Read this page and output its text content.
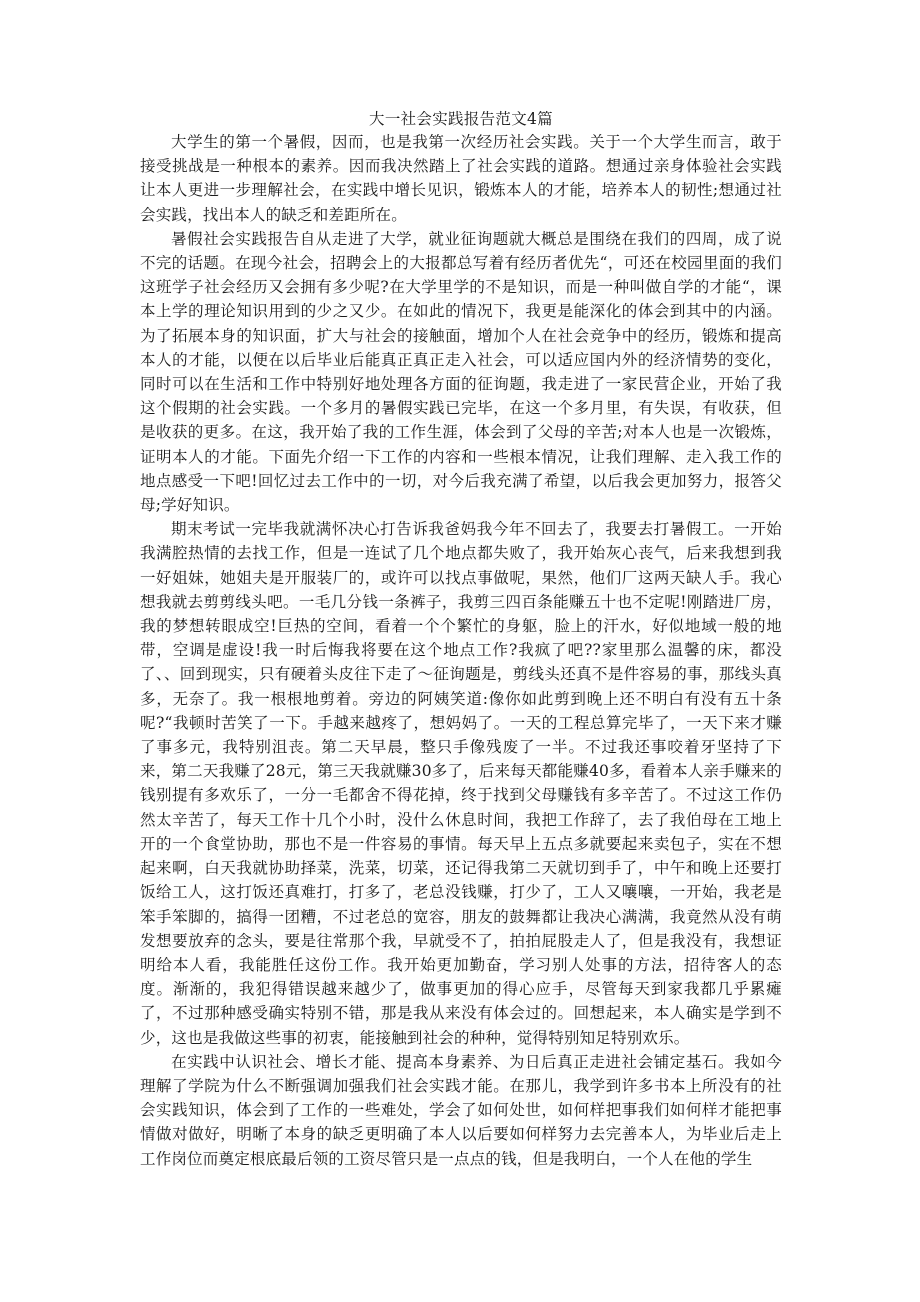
大一社会实践报告范文4篇

大学生的第一个暑假，因而，也是我第一次经历社会实践。关于一个大学生而言，敢于接受挑战是一种根本的素养。因而我决然踏上了社会实践的道路。想通过亲身体验社会实践让本人更进一步理解社会，在实践中增长见识，锻炼本人的才能，培养本人的韧性;想通过社会实践，找出本人的缺乏和差距所在。

暑假社会实践报告自从走进了大学，就业征询题就大概总是围绕在我们的四周，成了说不完的话题。在现今社会，招聘会上的大报都总写着有经历者优先“，可还在校园里面的我们这班学子社会经历又会拥有多少呢?在大学里学的不是知识，而是一种叫做自学的才能“，课本上学的理论知识用到的少之又少。在如此的情况下，我更是能深化的体会到其中的内涵。为了拓展本身的知识面，扩大与社会的接触面，增加个人在社会竞争中的经历，锻炼和提高本人的才能，以便在以后毕业后能真正真正走入社会，可以适应国内外的经济情势的变化，同时可以在生活和工作中特别好地处理各方面的征询题，我走进了一家民营企业，开始了我这个假期的社会实践。一个多月的暑假实践已完毕，在这一个多月里，有失误，有收获，但是收获的更多。在这，我开始了我的工作生涯，体会到了父母的辛苦;对本人也是一次锻炼，证明本人的才能。下面先介绍一下工作的内容和一些根本情况，让我们理解、走入我工作的地点感受一下吧!回忆过去工作中的一切，对今后我充满了希望，以后我会更加努力，报答父母;学好知识。

期末考试一完毕我就满怀决心打告诉我爸妈我今年不回去了，我要去打暑假工。一开始我满腔热情的去找工作，但是一连试了几个地点都失败了，我开始灰心丧气，后来我想到我一好姐妹，她姐夫是开服装厂的，或许可以找点事做呢，果然，他们厂这两天缺人手。我心想我就去剪剪线头吧。一毛几分钱一条裤子，我剪三四百条能赚五十也不定呢!刚踏进厂房，我的梦想转眼成空!巨热的空间，看着一个个繁忙的身躯，脸上的汗水，好似地域一般的地带，空调是虚设!我一时后悔我将要在这个地点工作?我疯了吧??家里那么温馨的床，都没了、、回到现实，只有硬着头皮往下走了～征询题是，剪线头还真不是件容易的事，那线头真多，无奈了。我一根根地剪着。旁边的阿姨笑道:像你如此剪到晚上还不明白有没有五十条呢?“我顿时苦笑了一下。手越来越疼了，想妈妈了。一天的工程总算完毕了，一天下来才赚了事多元，我特别沮丧。第二天早晨，整只手像残废了一半。不过我还事咬着牙坚持了下来，第二天我赚了28元，第三天我就赚30多了，后来每天都能赚40多，看着本人亲手赚来的钱别提有多欢乐了，一分一毛都舍不得花掉，终于找到父母赚钱有多辛苦了。不过这工作仍然太辛苦了，每天工作十几个小时，没什么休息时间，我把工作辞了，去了我伯母在工地上开的一个食堂协助，那也不是一件容易的事情。每天早上五点多就要起来卖包子，实在不想起来啊，白天我就协助择菜，洗菜，切菜，还记得我第二天就切到手了，中午和晚上还要打饭给工人，这打饭还真难打，打多了，老总没钱赚，打少了，工人又嚷嚷，一开始，我老是笨手笨脚的，搞得一团糟，不过老总的宽容，朋友的鼓舞都让我决心满满，我竟然从没有萌发想要放弃的念头，要是往常那个我，早就受不了，拍拍屁股走人了，但是我没有，我想证明给本人看，我能胜任这份工作。我开始更加勤奋，学习别人处事的方法，招待客人的态度。渐渐的，我犯得错误越来越少了，做事更加的得心应手，尽管每天到家我都几乎累瘫了，不过那种感受确实特别不错，那是我从来没有体会过的。回想起来，本人确实是学到不少，这也是我做这些事的初衷，能接触到社会的种种，觉得特别知足特别欢乐。

在实践中认识社会、增长才能、提高本身素养、为日后真正走进社会铺定基石。我如今理解了学院为什么不断强调加强我们社会实践才能。在那儿，我学到许多书本上所没有的社会实践知识，体会到了工作的一些难处，学会了如何处世，如何样把事我们如何样才能把事情做对做好，明晰了本身的缺乏更明确了本人以后要如何样努力去完善本人，为毕业后走上工作岗位而奠定根底最后领的工资尽管只是一点点的钱，但是我明白，一个人在他的学生
